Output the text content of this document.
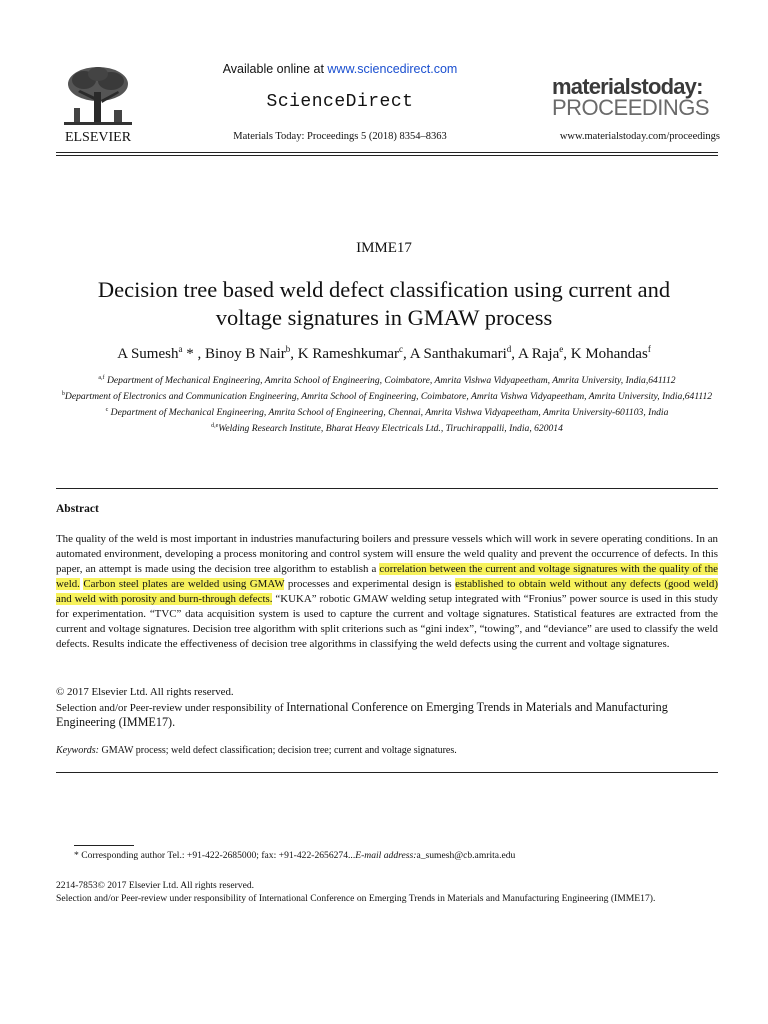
ELSEVIER
Available online at www.sciencedirect.com
ScienceDirect
Materials Today: Proceedings 5 (2018) 8354–8363
materialstoday:
PROCEEDINGS
www.materialstoday.com/proceedings
IMME17
Decision tree based weld defect classification using current and
voltage signatures in GMAW process
A Sumesh$^a$ * , Binoy B Nair$^b$, K Rameshkumar$^c$, A Santhakumari$^d$, A Raja$^e$, K Mohandas$^f$

$^{a,f}$ Department of Mechanical Engineering, Amrita School of Engineering, Coimbatore, Amrita Vishwa Vidyapeetham, Amrita University, India,641112

$^b$Department of Electronics and Communication Engineering, Amrita School of Engineering, Coimbatore, Amrita Vishwa Vidyapeetham, Amrita University, India,641112

$^c$ Department of Mechanical Engineering, Amrita School of Engineering, Chennai, Amrita Vishwa Vidyapeetham, Amrita University-601103, India

$^{d,e}$Welding Research Institute, Bharat Heavy Electricals Ltd., Tiruchirappalli, India, 620014

Abstract

The quality of the weld is most important in industries manufacturing boilers and pressure vessels which will work in severe operating conditions. In an automated environment, developing a process monitoring and control system will ensure the weld quality and prevent the occurrence of defects. In this paper, an attempt is made using the decision tree algorithm to establish a correlation between the current and voltage signatures with the quality of the weld. Carbon steel plates are welded using GMAW processes and experimental design is established to obtain weld without any defects (good weld) and weld with porosity and burn-through defects. “KUKA” robotic GMAW welding setup integrated with “Fronius” power source is used in this study for experimentation. “TVC” data acquisition system is used to capture the current and voltage signatures. Statistical features are extracted from the current and voltage signatures. Decision tree algorithm with split criterions such as “gini index”, “towing”, and “deviance” are used to classify the weld defects. Results indicate the effectiveness of decision tree algorithms in classifying the weld defects using the current and voltage signatures.

© 2017 Elsevier Ltd. All rights reserved.
Selection and/or Peer-review under responsibility of International Conference on Emerging Trends in Materials and Manufacturing Engineering (IMME17).
Keywords: GMAW process; weld defect classification; decision tree; current and voltage signatures.
* Corresponding author Tel.: +91-422-2685000; fax: +91-422-2656274...E-mail address:a_sumesh@cb.amrita.edu

2214-7853© 2017 Elsevier Ltd. All rights reserved.

Selection and/or Peer-review under responsibility of International Conference on Emerging Trends in Materials and Manufacturing Engineering (IMME17).
